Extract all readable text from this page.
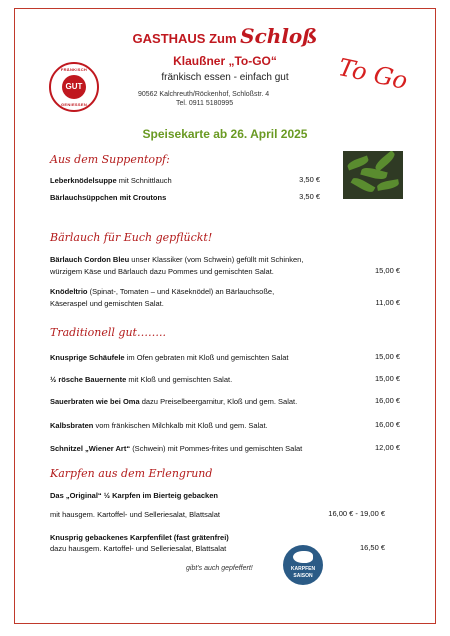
FRÄNKISCH
GUT
GENIESSEN
GASTHAUS Zum Schloß
Klaußner „To-GO“
fränkisch essen - einfach gut
90562 Kalchreuth/Röckenhof, Schloßstr. 4
Tel. 0911 5180995
To Go
Speisekarte ab 26. April 2025
Aus dem Suppentopf:
Leberknödelsuppe mit Schnittlauch	3,50 €
Bärlauchsüppchen mit Croutons	3,50 €
Bärlauch für Euch gepflückt!
Bärlauch Cordon Bleu unser Klassiker (vom Schwein) gefüllt mit Schinken,
würzigem Käse und Bärlauch dazu Pommes und gemischten Salat.	15,00 €
Knödeltrio (Spinat-, Tomaten – und Käseknödel) an Bärlauchsoße,
Käseraspel und gemischten Salat.	11,00 €
Traditionell gut……..
Knusprige Schäufele im Ofen gebraten mit Kloß und gemischten Salat	15,00 €
½ rösche Bauernente mit Kloß und gemischten Salat.	15,00 €
Sauerbraten wie bei Oma dazu Preiselbeergarnitur, Kloß und gem. Salat.	16,00 €
Kalbsbraten vom fränkischen Milchkalb mit Kloß und gem. Salat.	16,00 €
Schnitzel „Wiener Art“ (Schwein) mit Pommes-frites und gemischten Salat	12,00 €
Karpfen aus dem Erlengrund
Das „Original“ ½ Karpfen im Bierteig gebacken
mit hausgem. Kartoffel- und Selleriesalat, Blattsalat	16,00 € - 19,00 €
Knusprig gebackenes Karpfenfilet (fast grätenfrei)
dazu hausgem. Kartoffel- und Selleriesalat, Blattsalat	16,50 €
KARPFEN
SAISON
gibt's auch gepfeffert!
